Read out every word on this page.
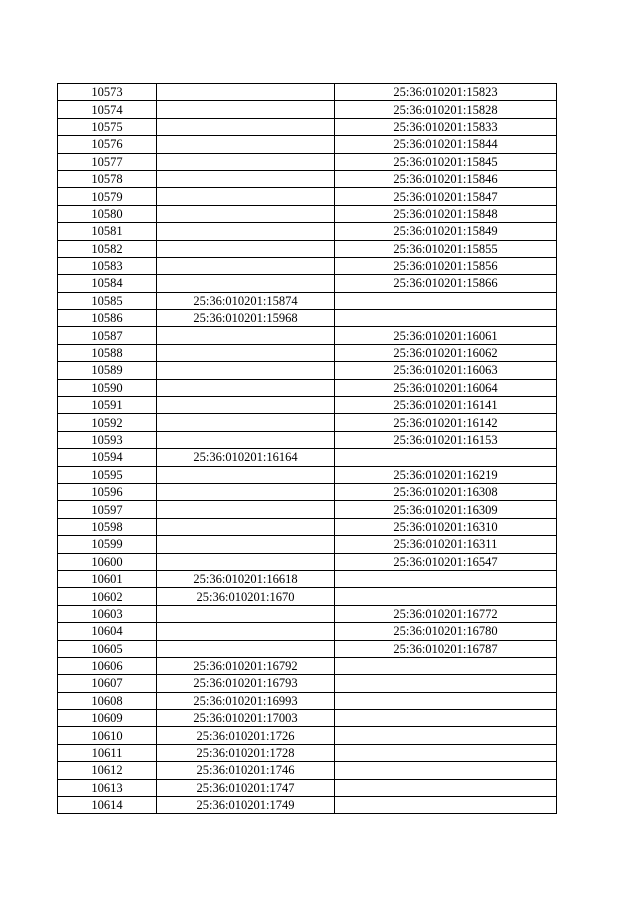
10573		25:36:010201:15823
10574		25:36:010201:15828
10575		25:36:010201:15833
10576		25:36:010201:15844
10577		25:36:010201:15845
10578		25:36:010201:15846
10579		25:36:010201:15847
10580		25:36:010201:15848
10581		25:36:010201:15849
10582		25:36:010201:15855
10583		25:36:010201:15856
10584		25:36:010201:15866
10585	25:36:010201:15874	
10586	25:36:010201:15968	
10587		25:36:010201:16061
10588		25:36:010201:16062
10589		25:36:010201:16063
10590		25:36:010201:16064
10591		25:36:010201:16141
10592		25:36:010201:16142
10593		25:36:010201:16153
10594	25:36:010201:16164	
10595		25:36:010201:16219
10596		25:36:010201:16308
10597		25:36:010201:16309
10598		25:36:010201:16310
10599		25:36:010201:16311
10600		25:36:010201:16547
10601	25:36:010201:16618	
10602	25:36:010201:1670	
10603		25:36:010201:16772
10604		25:36:010201:16780
10605		25:36:010201:16787
10606	25:36:010201:16792	
10607	25:36:010201:16793	
10608	25:36:010201:16993	
10609	25:36:010201:17003	
10610	25:36:010201:1726	
10611	25:36:010201:1728	
10612	25:36:010201:1746	
10613	25:36:010201:1747	
10614	25:36:010201:1749	
